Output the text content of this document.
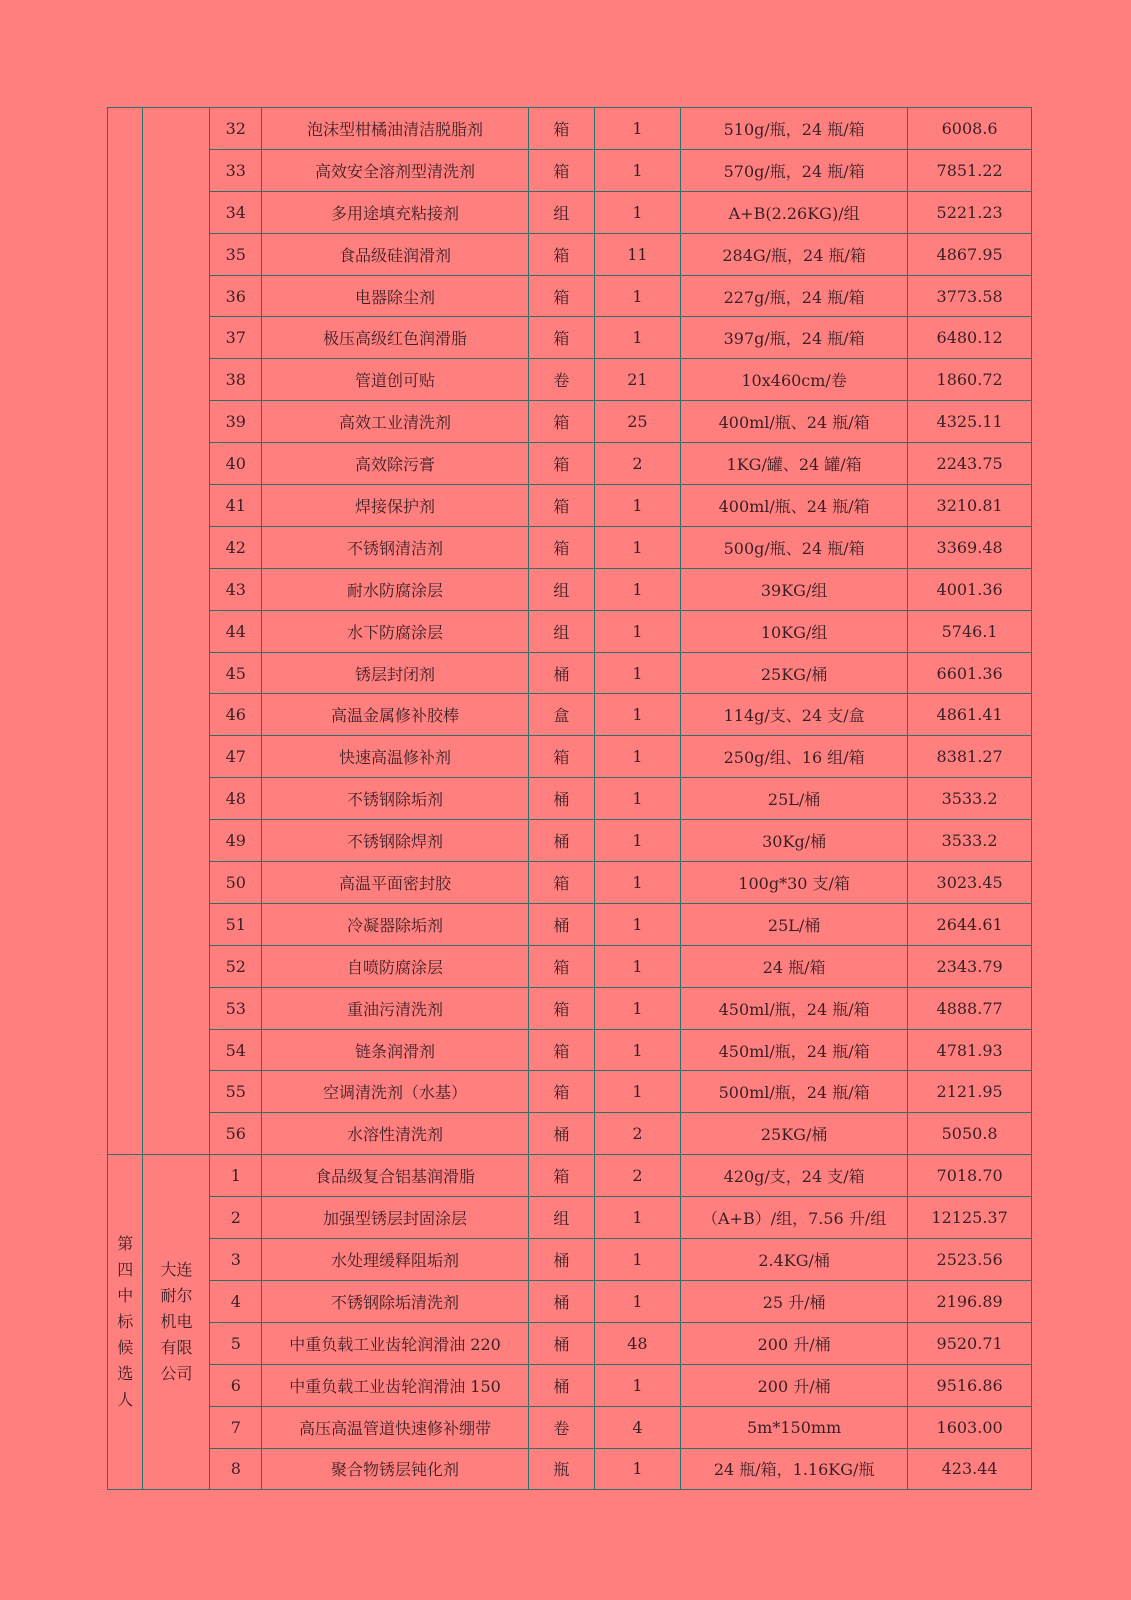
		32	泡沫型柑橘油清洁脱脂剂	箱	1	510g/瓶，24 瓶/箱	6008.6
		33	高效安全溶剂型清洗剂	箱	1	570g/瓶，24 瓶/箱	7851.22
		34	多用途填充粘接剂	组	1	A+B(2.26KG)/组	5221.23
		35	食品级硅润滑剂	箱	11	284G/瓶，24 瓶/箱	4867.95
		36	电器除尘剂	箱	1	227g/瓶，24 瓶/箱	3773.58
		37	极压高级红色润滑脂	箱	1	397g/瓶，24 瓶/箱	6480.12
		38	管道创可贴	卷	21	10x460cm/卷	1860.72
		39	高效工业清洗剂	箱	25	400ml/瓶、24 瓶/箱	4325.11
		40	高效除污膏	箱	2	1KG/罐、24 罐/箱	2243.75
		41	焊接保护剂	箱	1	400ml/瓶、24 瓶/箱	3210.81
		42	不锈钢清洁剂	箱	1	500g/瓶、24 瓶/箱	3369.48
		43	耐水防腐涂层	组	1	39KG/组	4001.36
		44	水下防腐涂层	组	1	10KG/组	5746.1
		45	锈层封闭剂	桶	1	25KG/桶	6601.36
		46	高温金属修补胶棒	盒	1	114g/支、24 支/盒	4861.41
		47	快速高温修补剂	箱	1	250g/组、16 组/箱	8381.27
		48	不锈钢除垢剂	桶	1	25L/桶	3533.2
		49	不锈钢除焊剂	桶	1	30Kg/桶	3533.2
		50	高温平面密封胶	箱	1	100g*30 支/箱	3023.45
		51	冷凝器除垢剂	桶	1	25L/桶	2644.61
		52	自喷防腐涂层	箱	1	24 瓶/箱	2343.79
		53	重油污清洗剂	箱	1	450ml/瓶，24 瓶/箱	4888.77
		54	链条润滑剂	箱	1	450ml/瓶，24 瓶/箱	4781.93
		55	空调清洗剂（水基）	箱	1	500ml/瓶，24 瓶/箱	2121.95
		56	水溶性清洗剂	桶	2	25KG/桶	5050.8
第四中标候选人	大连耐尔机电有限公司	1	食品级复合铝基润滑脂	箱	2	420g/支，24 支/箱	7018.70
		2	加强型锈层封固涂层	组	1	（A+B）/组，7.56 升/组	12125.37
		3	水处理缓释阻垢剂	桶	1	2.4KG/桶	2523.56
		4	不锈钢除垢清洗剂	桶	1	25 升/桶	2196.89
		5	中重负载工业齿轮润滑油 220	桶	48	200 升/桶	9520.71
		6	中重负载工业齿轮润滑油 150	桶	1	200 升/桶	9516.86
		7	高压高温管道快速修补绷带	卷	4	5m*150mm	1603.00
		8	聚合物锈层钝化剂	瓶	1	24 瓶/箱，1.16KG/瓶	423.44
